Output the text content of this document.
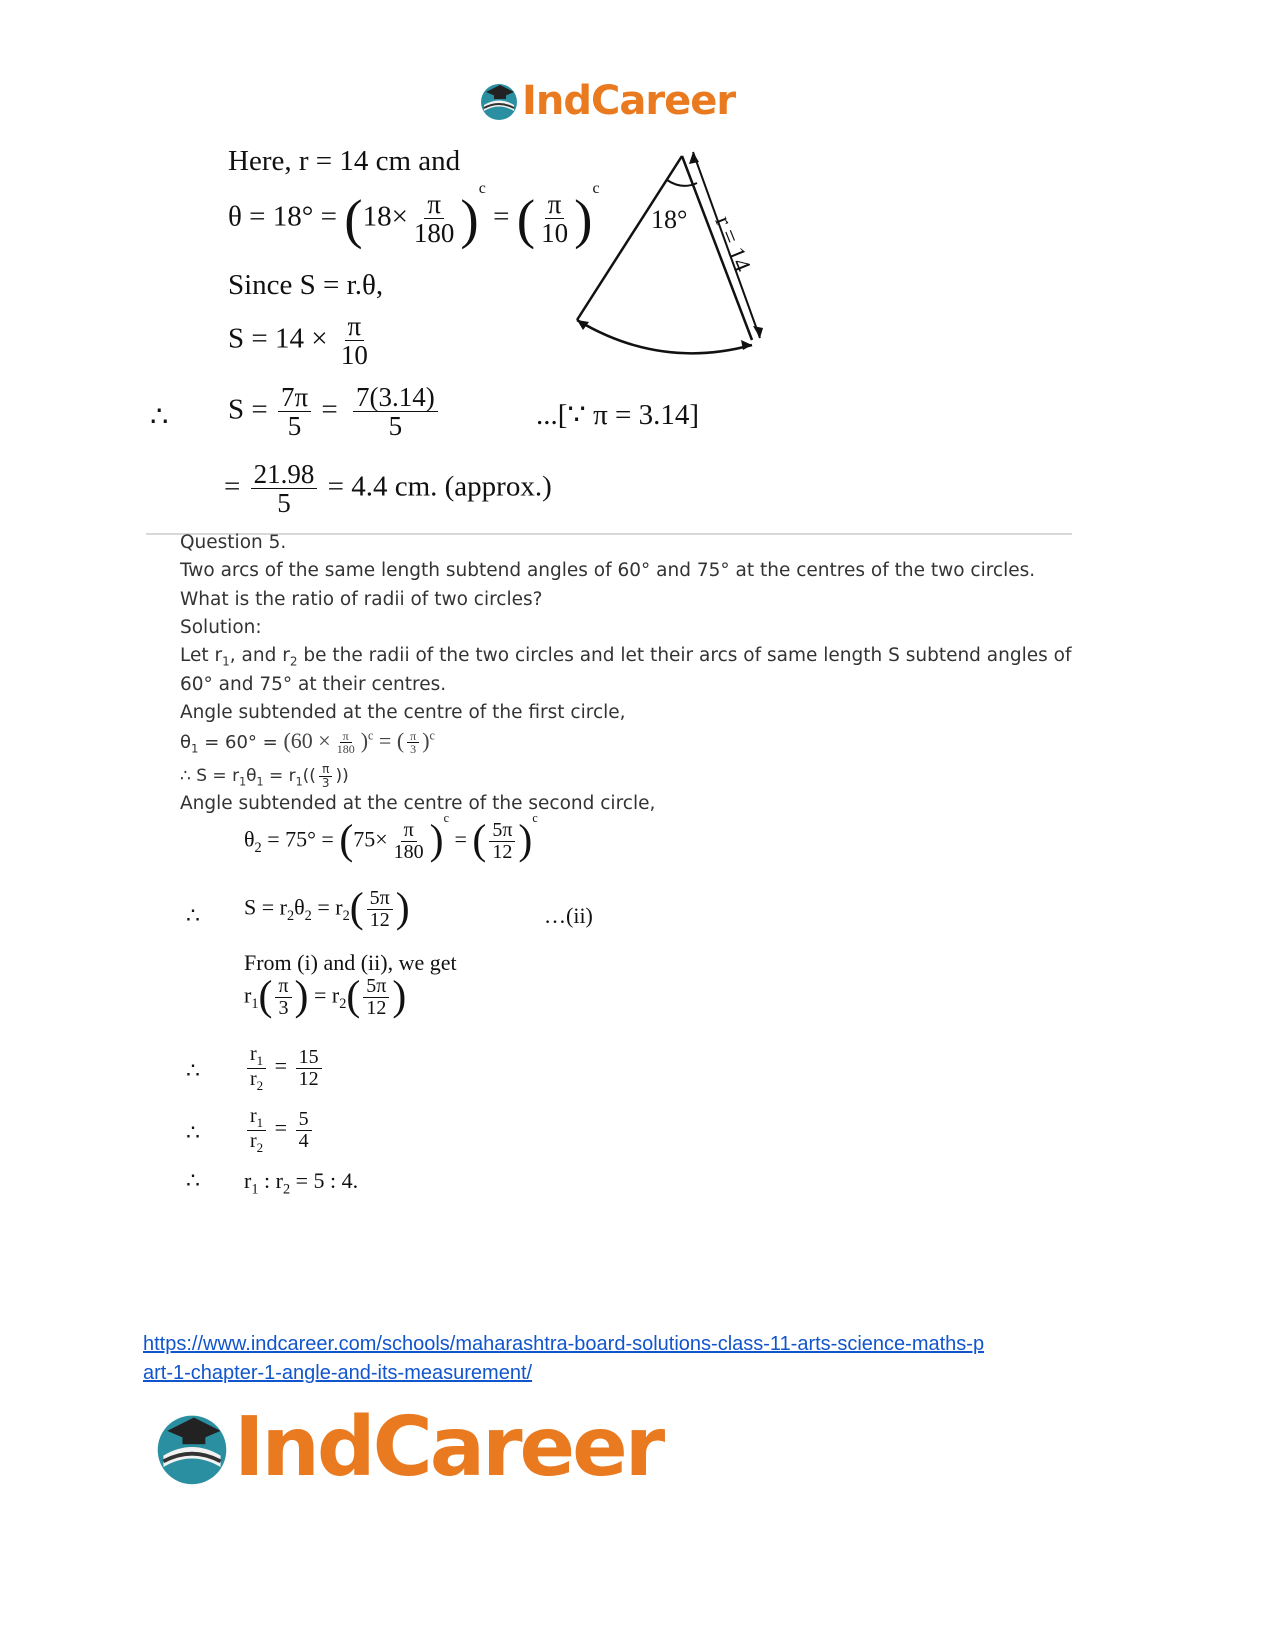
IndCareer
Here, r = 14 cm and
$\theta = 18^\circ = (18\times \frac{\pi}{180} )^c$ = ( $\frac{\pi}{10} )^c$
Since S = r.θ,
$S = 14 \times \frac{\pi}{10}$
∴ $S = \frac{7\pi}{5} = \frac{7(3.14)}{5}$	...[∵ π = 3.14]
= $\frac{21.98}{5} = 4.4$ cm. (approx.)
18° r = 14
Question 5.
Two arcs of the same length subtend angles of 60° and 75° at the centres of the two circles.
What is the ratio of radii of two circles?
Solution:
Let $r_1$, and $r_2$ be the radii of the two circles and let their arcs of same length S subtend angles of
60° and 75° at their centres.
Angle subtended at the centre of the first circle,
$\theta_1 = 60^\circ = (60 \times \frac{\pi}{180} )^c$ = ( $\frac{\pi}{3} )^c$
∴ $S = r_1\theta_1 = r_1(( \frac{\pi}{3}$ ))
Angle subtended at the centre of the second circle,
$\theta_2 = 75^\circ = (75\times \frac{\pi}{180} )^c$ = ( $\frac{5\pi}{12} )^c$
∴ $S = r_2\theta_2 = r_2( \frac{5\pi}{12}$ )	…(ii)
From (i) and (ii), we get
$r_1( \frac{\pi}{3}$ ) = $r_2( \frac{5\pi}{12}$ )
∴ $\frac{r_1}{r_2} = \frac{15}{12}$
∴ $\frac{r_1}{r_2} = \frac{5}{4}$
∴ $r_1$ : $r_2 = 5$ : 4.
https://www.indcareer.com/schools/maharashtra-board-solutions-class-11-arts-science-maths-p
art-1-chapter-1-angle-and-its-measurement/
IndCareer
